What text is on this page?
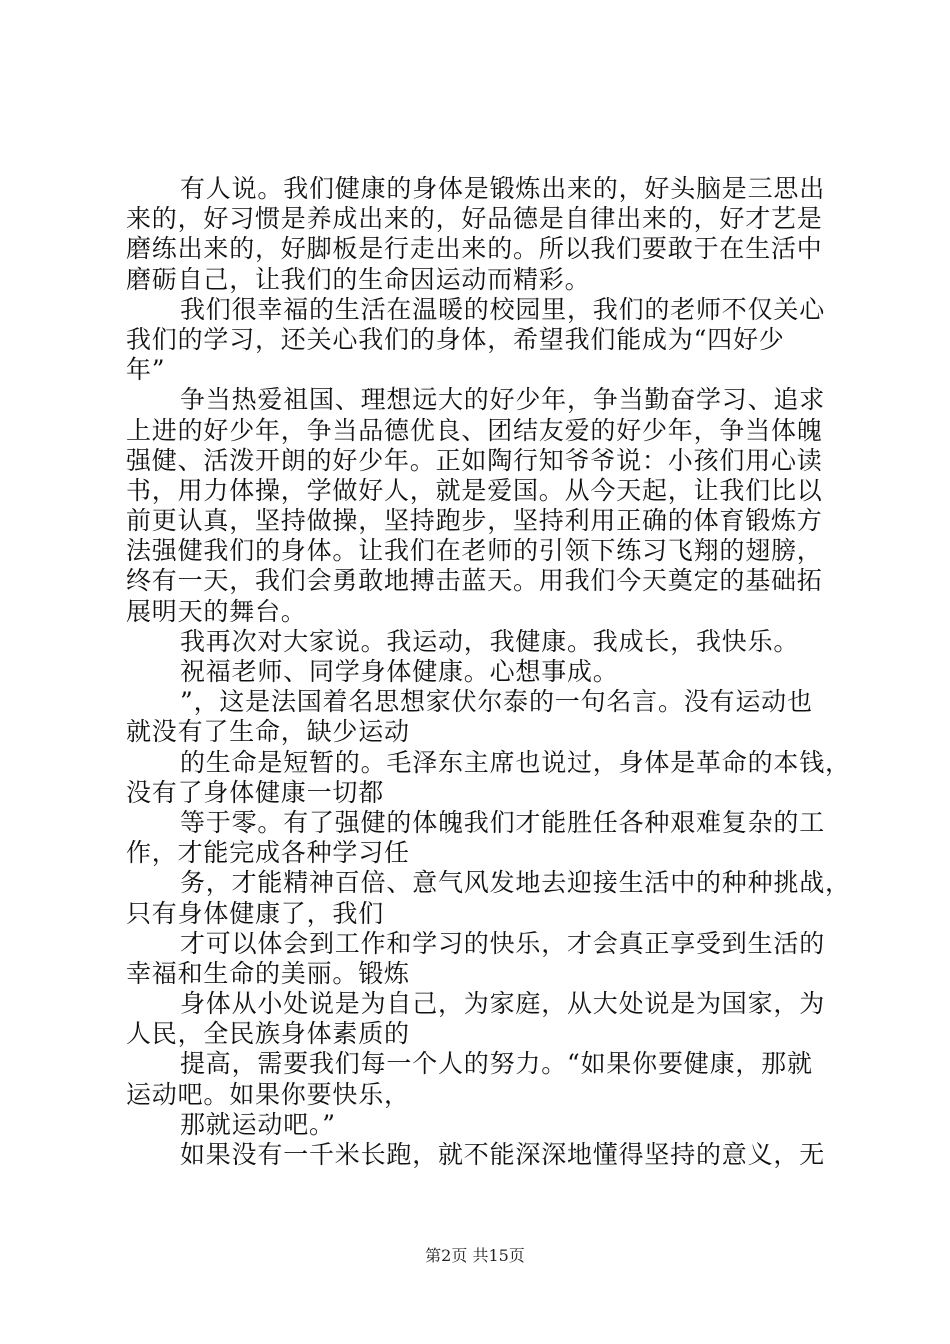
有人说。我们健康的身体是锻炼出来的，好头脑是三思出
来的，好习惯是养成出来的，好品德是自律出来的，好才艺是
磨练出来的，好脚板是行走出来的。所以我们要敢于在生活中
磨砺自己，让我们的生命因运动而精彩。
我们很幸福的生活在温暖的校园里，我们的老师不仅关心
我们的学习，还关心我们的身体，希望我们能成为“四好少
年”
争当热爱祖国、理想远大的好少年，争当勤奋学习、追求
上进的好少年，争当品德优良、团结友爱的好少年，争当体魄
强健、活泼开朗的好少年。正如陶行知爷爷说：小孩们用心读
书，用力体操，学做好人，就是爱国。从今天起，让我们比以
前更认真，坚持做操，坚持跑步，坚持利用正确的体育锻炼方
法强健我们的身体。让我们在老师的引领下练习飞翔的翅膀，
终有一天，我们会勇敢地搏击蓝天。用我们今天奠定的基础拓
展明天的舞台。
我再次对大家说。我运动，我健康。我成长，我快乐。
祝福老师、同学身体健康。心想事成。
”，这是法国着名思想家伏尔泰的一句名言。没有运动也
就没有了生命，缺少运动
的生命是短暂的。毛泽东主席也说过，身体是革命的本钱，
没有了身体健康一切都
等于零。有了强健的体魄我们才能胜任各种艰难复杂的工
作，才能完成各种学习任
务，才能精神百倍、意气风发地去迎接生活中的种种挑战，
只有身体健康了，我们
才可以体会到工作和学习的快乐，才会真正享受到生活的
幸福和生命的美丽。锻炼
身体从小处说是为自己，为家庭，从大处说是为国家，为
人民，全民族身体素质的
提高，需要我们每一个人的努力。“如果你要健康，那就
运动吧。如果你要快乐，
那就运动吧。”
如果没有一千米长跑，就不能深深地懂得坚持的意义，无
第2页 共15页
